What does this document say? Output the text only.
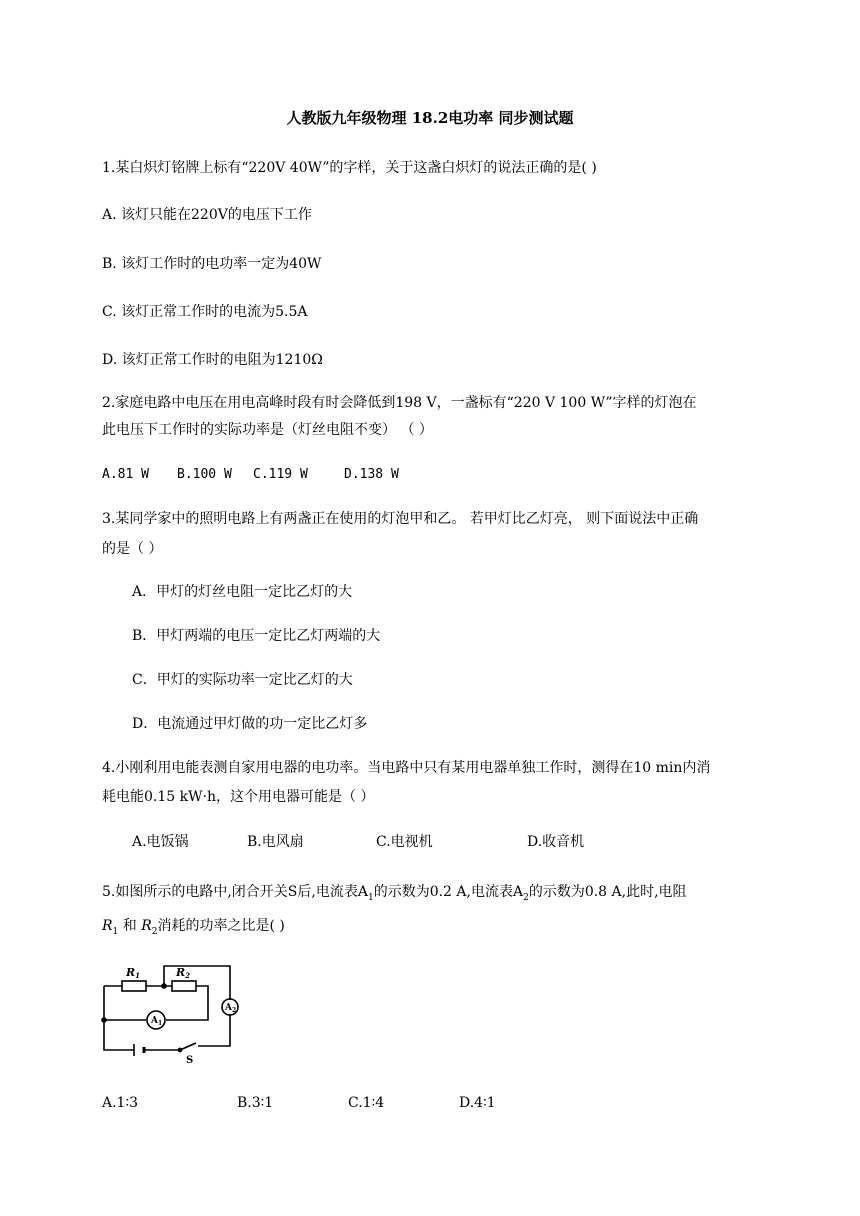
人教版九年级物理 18.2电功率 同步测试题
1.某白炽灯铭牌上标有“220V 40W”的字样，关于这盏白炽灯的说法正确的是( )
A. 该灯只能在220V的电压下工作
B. 该灯工作时的电功率一定为40W
C. 该灯正常工作时的电流为5.5A
D. 该灯正常工作时的电阻为1210Ω
2.家庭电路中电压在用电高峰时段有时会降低到198 V，一盏标有“220 V 100 W”字样的灯泡在
此电压下工作时的实际功率是（灯丝电阻不变） （ ）
A.81 W B.100 W C.119 W	D.138 W
3.某同学家中的照明电路上有两盏正在使用的灯泡甲和乙。 若甲灯比乙灯亮， 则下面说法中正确
的是（ ）
A．甲灯的灯丝电阻一定比乙灯的大
B．甲灯两端的电压一定比乙灯两端的大
C．甲灯的实际功率一定比乙灯的大
D．电流通过甲灯做的功一定比乙灯多
4.小刚利用电能表测自家用电器的电功率。当电路中只有某用电器单独工作时，测得在10 min内消
耗电能0.15 kW·h，这个用电器可能是（ ）
A.电饭锅	B.电风扇	C.电视机	D.收音机
5.如图所示的电路中,闭合开关S后,电流表$A_1$的示数为0.2 A,电流表$A_2$的示数为0.8 A,此时,电阻
$R_1$ 和 $R_2$消耗的功率之比是( )
R1	R2
$A_1$
$A_2$
S
A.1∶3	B.3∶1	C.1∶4	D.4∶1
